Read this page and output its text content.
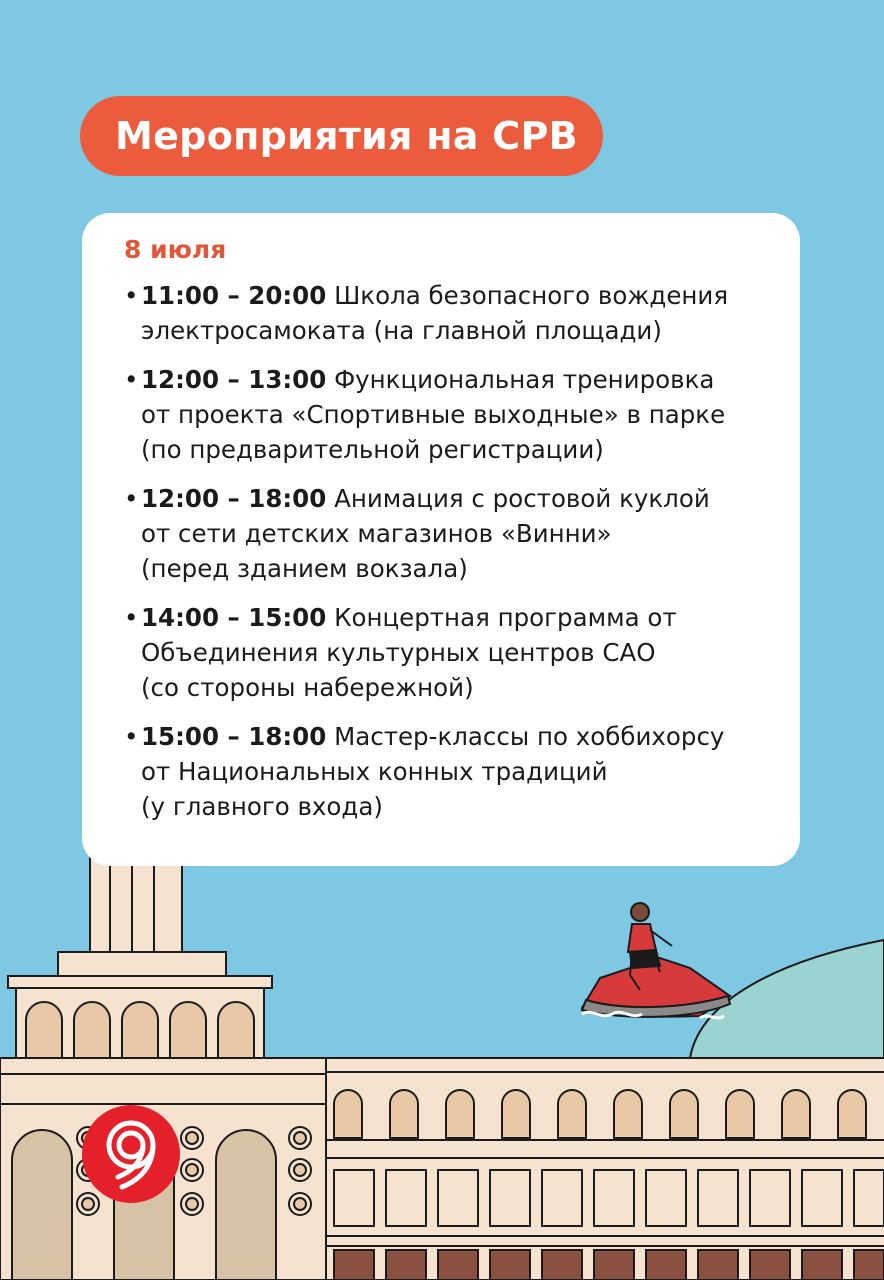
Мероприятия на СРВ
8 июля
• 11:00 – 20:00 Школа безопасного вождения
электросамоката (на главной площади)
• 12:00 – 13:00 Функциональная тренировка
от проекта «Спортивные выходные» в парке
(по предварительной регистрации)
• 12:00 – 18:00 Анимация с ростовой куклой
от сети детских магазинов «Винни»
(перед зданием вокзала)
• 14:00 – 15:00 Концертная программа от
Объединения культурных центров САО
(со стороны набережной)
• 15:00 – 18:00 Мастер-классы по хоббихорсу
от Национальных конных традиций
(у главного входа)
